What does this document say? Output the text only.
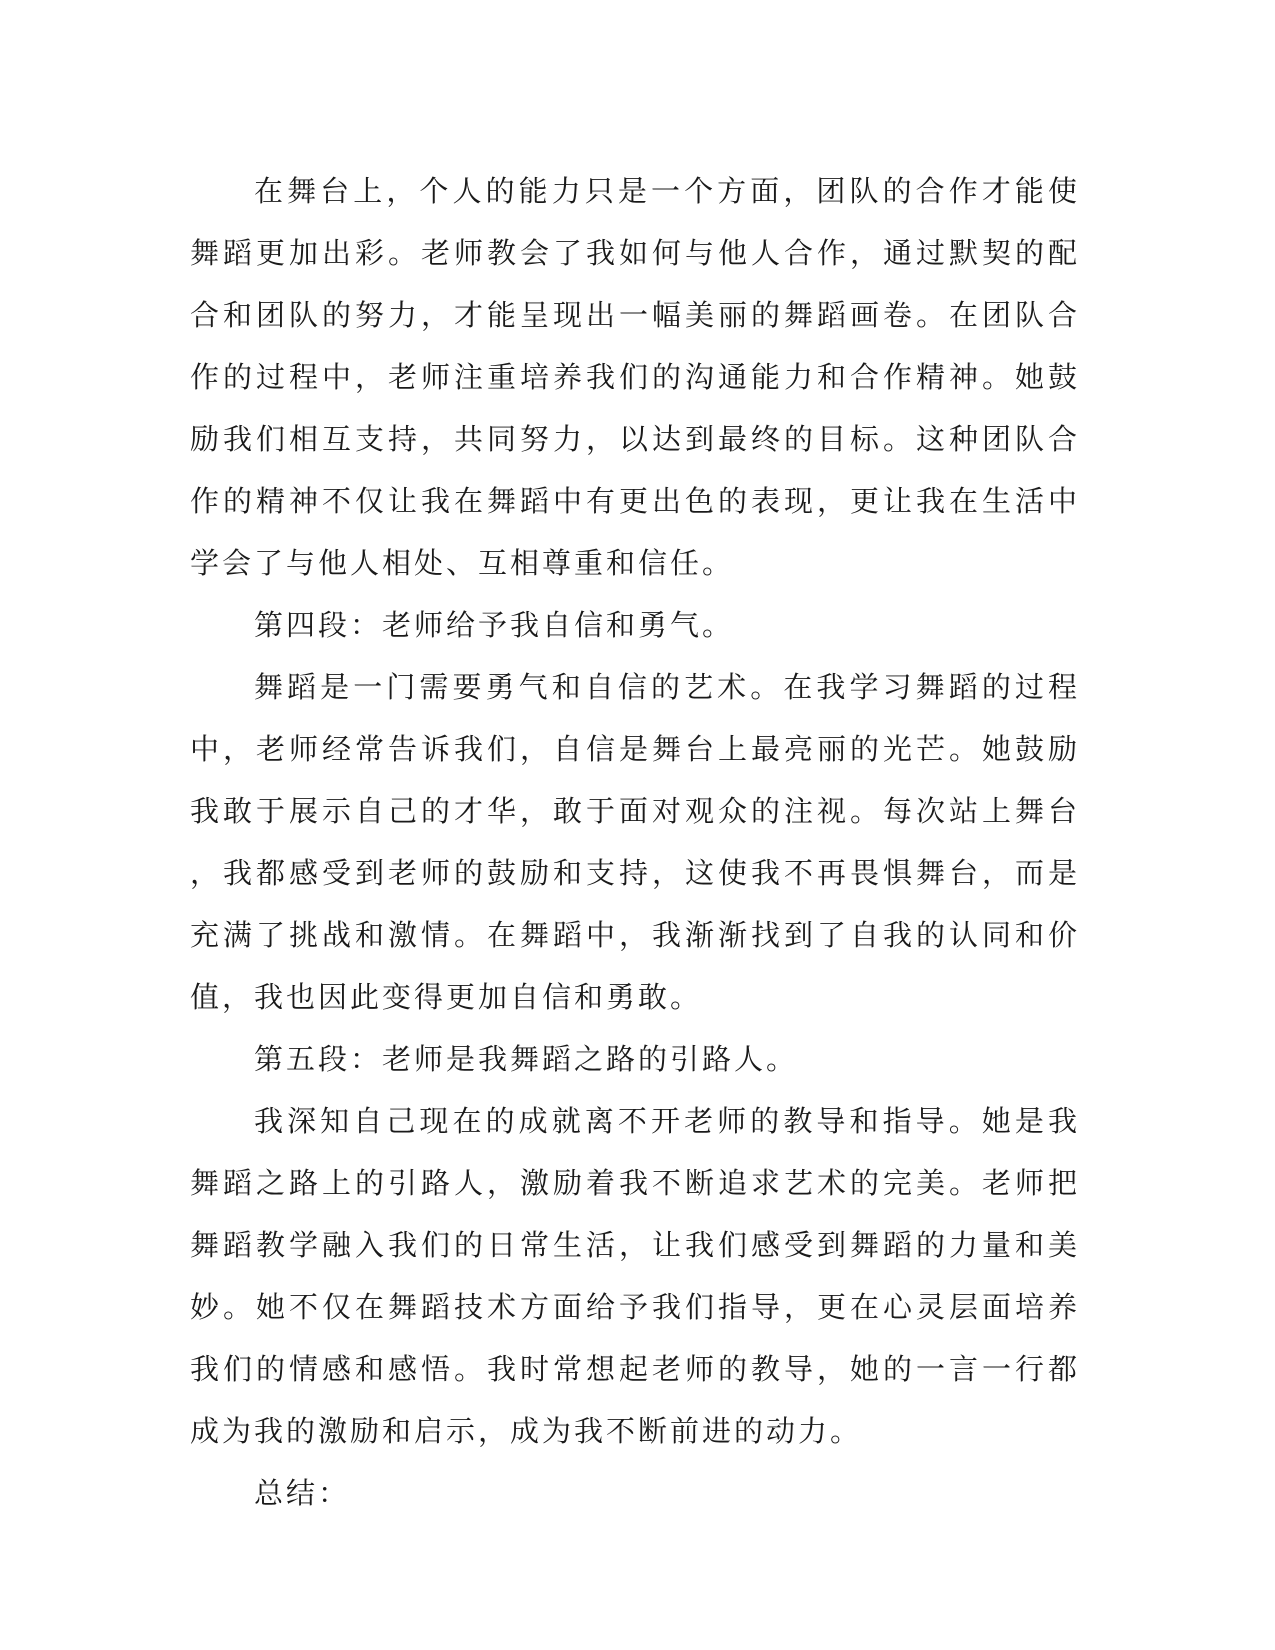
在舞台上，个人的能力只是一个方面，团队的合作才能使舞蹈更加出彩。老师教会了我如何与他人合作，通过默契的配合和团队的努力，才能呈现出一幅美丽的舞蹈画卷。在团队合作的过程中，老师注重培养我们的沟通能力和合作精神。她鼓励我们相互支持，共同努力，以达到最终的目标。这种团队合作的精神不仅让我在舞蹈中有更出色的表现，更让我在生活中学会了与他人相处、互相尊重和信任。

第四段：老师给予我自信和勇气。

舞蹈是一门需要勇气和自信的艺术。在我学习舞蹈的过程中，老师经常告诉我们，自信是舞台上最亮丽的光芒。她鼓励我敢于展示自己的才华，敢于面对观众的注视。每次站上舞台，我都感受到老师的鼓励和支持，这使我不再畏惧舞台，而是充满了挑战和激情。在舞蹈中，我渐渐找到了自我的认同和价值，我也因此变得更加自信和勇敢。

第五段：老师是我舞蹈之路的引路人。

我深知自己现在的成就离不开老师的教导和指导。她是我舞蹈之路上的引路人，激励着我不断追求艺术的完美。老师把舞蹈教学融入我们的日常生活，让我们感受到舞蹈的力量和美妙。她不仅在舞蹈技术方面给予我们指导，更在心灵层面培养我们的情感和感悟。我时常想起老师的教导，她的一言一行都成为我的激励和启示，成为我不断前进的动力。

总结：
